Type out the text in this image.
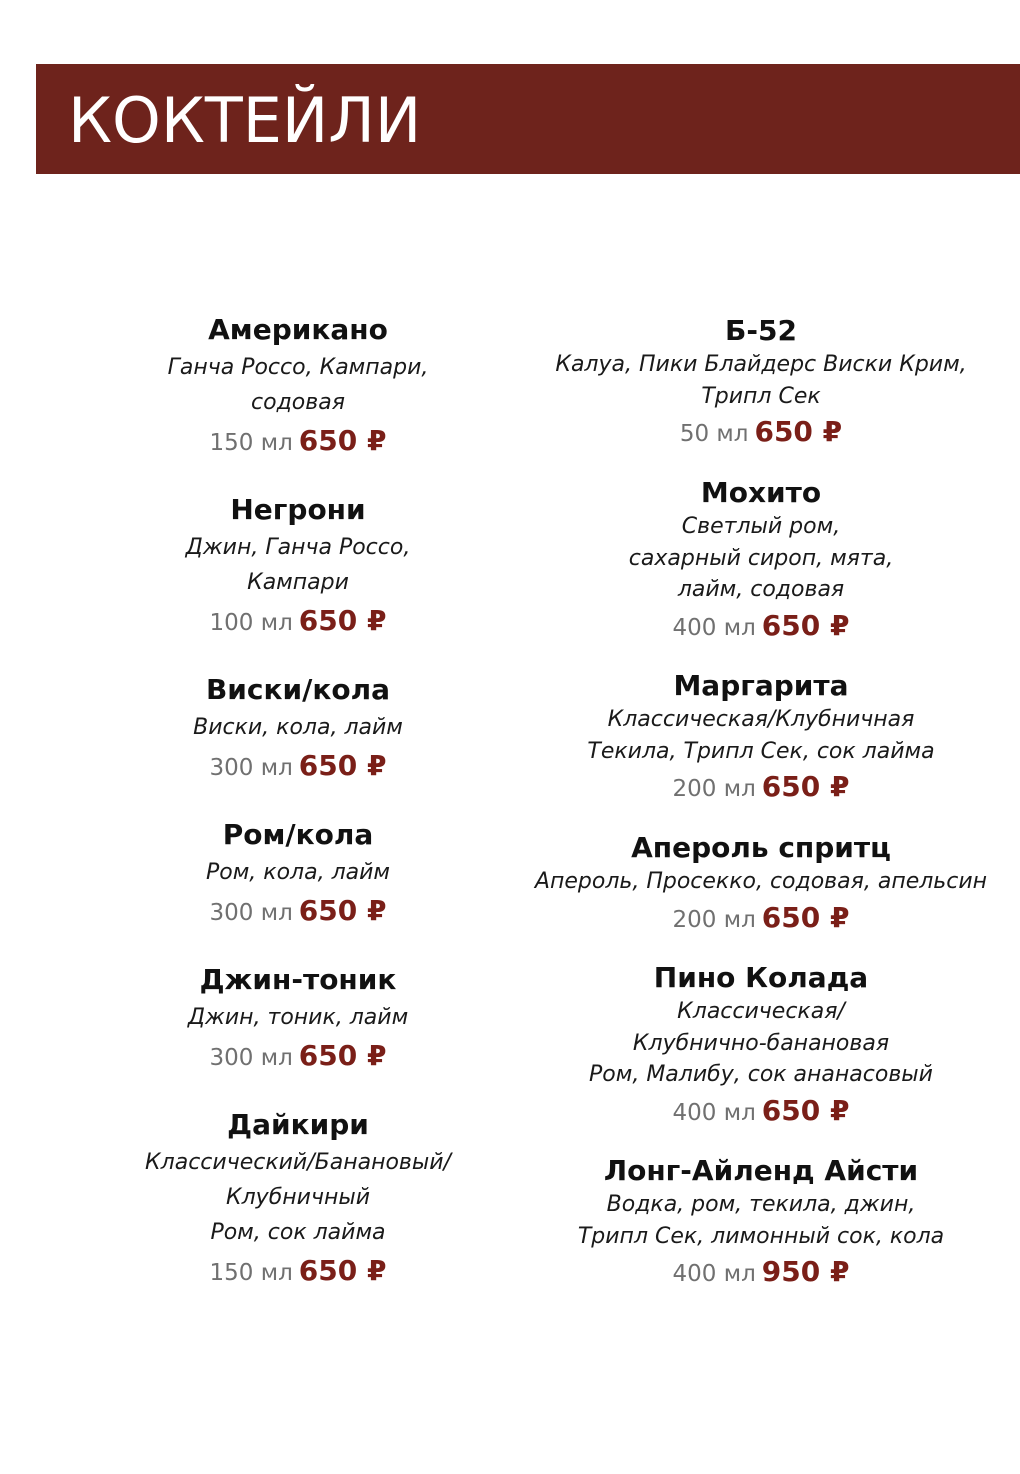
КОКТЕЙЛИ
Американо
Ганча Россо, Кампари,
содовая
150 мл 650 ₽
Негрони
Джин, Ганча Россо,
Кампари
100 мл 650 ₽
Виски/кола
Виски, кола, лайм
300 мл 650 ₽
Ром/кола
Ром, кола, лайм
300 мл 650 ₽
Джин-тоник
Джин, тоник, лайм
300 мл 650 ₽
Дайкири
Классический/Банановый/
Клубничный
Ром, сок лайма
150 мл 650 ₽
Б-52
Калуа, Пики Блайдерс Виски Крим,
Трипл Сек
50 мл 650 ₽
Мохито
Светлый ром,
сахарный сироп, мята,
лайм, содовая
400 мл 650 ₽
Маргарита
Классическая/Клубничная
Текила, Трипл Сек, сок лайма
200 мл 650 ₽
Апероль спритц
Апероль, Просекко, содовая, апельсин
200 мл 650 ₽
Пино Колада
Классическая/
Клубнично-банановая
Ром, Малибу, сок ананасовый
400 мл 650 ₽
Лонг-Айленд Айсти
Водка, ром, текила, джин,
Трипл Сек, лимонный сок, кола
400 мл 950 ₽
